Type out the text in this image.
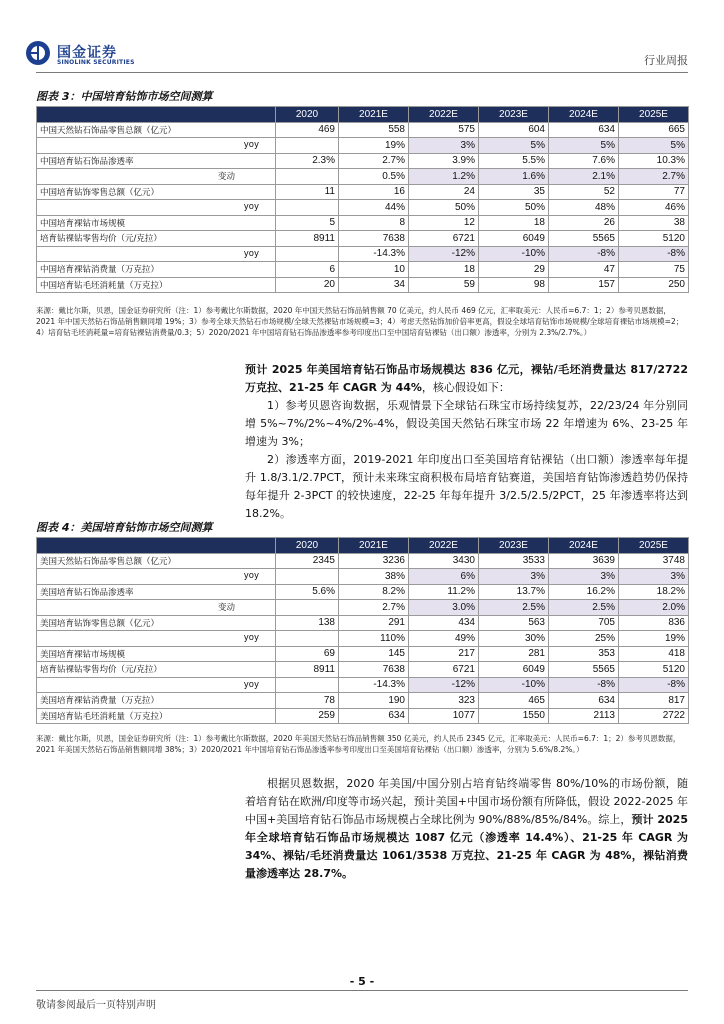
国金证券
SINOLINK SECURITIES	行业周报
图表 3：中国培育钻饰市场空间测算
	2020	2021E	2022E	2023E	2024E	2025E
中国天然钻石饰品零售总额（亿元）	469	558	575	604	634	665
yoy		19%	3%	5%	5%	5%
中国培育钻石饰品渗透率	2.3%	2.7%	3.9%	5.5%	7.6%	10.3%
变动		0.5%	1.2%	1.6%	2.1%	2.7%
中国培育钻饰零售总额（亿元）	11	16	24	35	52	77
yoy		44%	50%	50%	48%	46%
中国培育裸钻市场规模	5	8	12	18	26	38
培育钻裸钻零售均价（元/克拉）	8911	7638	6721	6049	5565	5120
yoy		-14.3%	-12%	-10%	-8%	-8%
中国培育裸钻消费量（万克拉）	6	10	18	29	47	75
中国培育钻毛坯消耗量（万克拉）	20	34	59	98	157	250
来源：戴比尔斯，贝恩，国金证券研究所（注：1）参考戴比尔斯数据，2020 年中国天然钻石饰品销售额 70 亿美元，约人民币 469 亿元，汇率取美元：人民币=6.7：1；2）参考贝恩数据，2021 年中国天然钻石饰品销售额同增 19%；3）参考全球天然钻石市场规模/全球天然裸钻市场规模=3；4）考虑天然钻饰加价倍率更高，假设全球培育钻饰市场规模/全球培育裸钻市场规模=2；4）培育钻毛坯消耗量=培育钻裸钻消费量/0.3；5）2020/2021 年中国培育钻石饰品渗透率参考印度出口至中国培育钻裸钻（出口额）渗透率，分别为 2.3%/2.7%。）
预计 2025 年美国培育钻石饰品市场规模达 836 亿元，裸钻/毛坯消费量达 817/2722 万克拉、21-25 年 CAGR 为 44%，核心假设如下：
1）参考贝恩咨询数据，乐观情景下全球钻石珠宝市场持续复苏，22/23/24 年分别同增 5%~7%/2%~4%/2%-4%，假设美国天然钻石珠宝市场 22 年增速为 6%、23-25 年增速为 3%；
2）渗透率方面，2019-2021 年印度出口至美国培育钻裸钻（出口额）渗透率每年提升 1.8/3.1/2.7PCT，预计未来珠宝商积极布局培育钻赛道，美国培育钻饰渗透趋势仍保持每年提升 2-3PCT 的较快速度，22-25 年每年提升 3/2.5/2.5/2PCT，25 年渗透率将达到 18.2%。
图表 4：美国培育钻饰市场空间测算
	2020	2021E	2022E	2023E	2024E	2025E
美国天然钻石饰品零售总额（亿元）	2345	3236	3430	3533	3639	3748
yoy		38%	6%	3%	3%	3%
美国培育钻石饰品渗透率	5.6%	8.2%	11.2%	13.7%	16.2%	18.2%
变动		2.7%	3.0%	2.5%	2.5%	2.0%
美国培育钻饰零售总额（亿元）	138	291	434	563	705	836
yoy		110%	49%	30%	25%	19%
美国培育裸钻市场规模	69	145	217	281	353	418
培育钻裸钻零售均价（元/克拉）	8911	7638	6721	6049	5565	5120
yoy		-14.3%	-12%	-10%	-8%	-8%
美国培育裸钻消费量（万克拉）	78	190	323	465	634	817
美国培育钻毛坯消耗量（万克拉）	259	634	1077	1550	2113	2722
来源：戴比尔斯，贝恩，国金证券研究所（注：1）参考戴比尔斯数据，2020 年美国天然钻石饰品销售额 350 亿美元，约人民币 2345 亿元，汇率取美元：人民币=6.7：1；2）参考贝恩数据，2021 年美国天然钻石饰品销售额同增 38%；3）2020/2021 年中国培育钻石饰品渗透率参考印度出口至美国培育钻裸钻（出口额）渗透率，分别为 5.6%/8.2%。）
根据贝恩数据，2020 年美国/中国分别占培育钻终端零售 80%/10%的市场份额，随着培育钻在欧洲/印度等市场兴起，预计美国+中国市场份额有所降低，假设 2022-2025 年中国+美国培育钻石饰品市场规模占全球比例为 90%/88%/85%/84%。综上，预计 2025 年全球培育钻石饰品市场规模达 1087 亿元（渗透率 14.4%）、21-25 年 CAGR 为 34%、裸钻/毛坯消费量达 1061/3538 万克拉、21-25 年 CAGR 为 48%，裸钻消费量渗透率达 28.7%。
- 5 -
敬请参阅最后一页特别声明
